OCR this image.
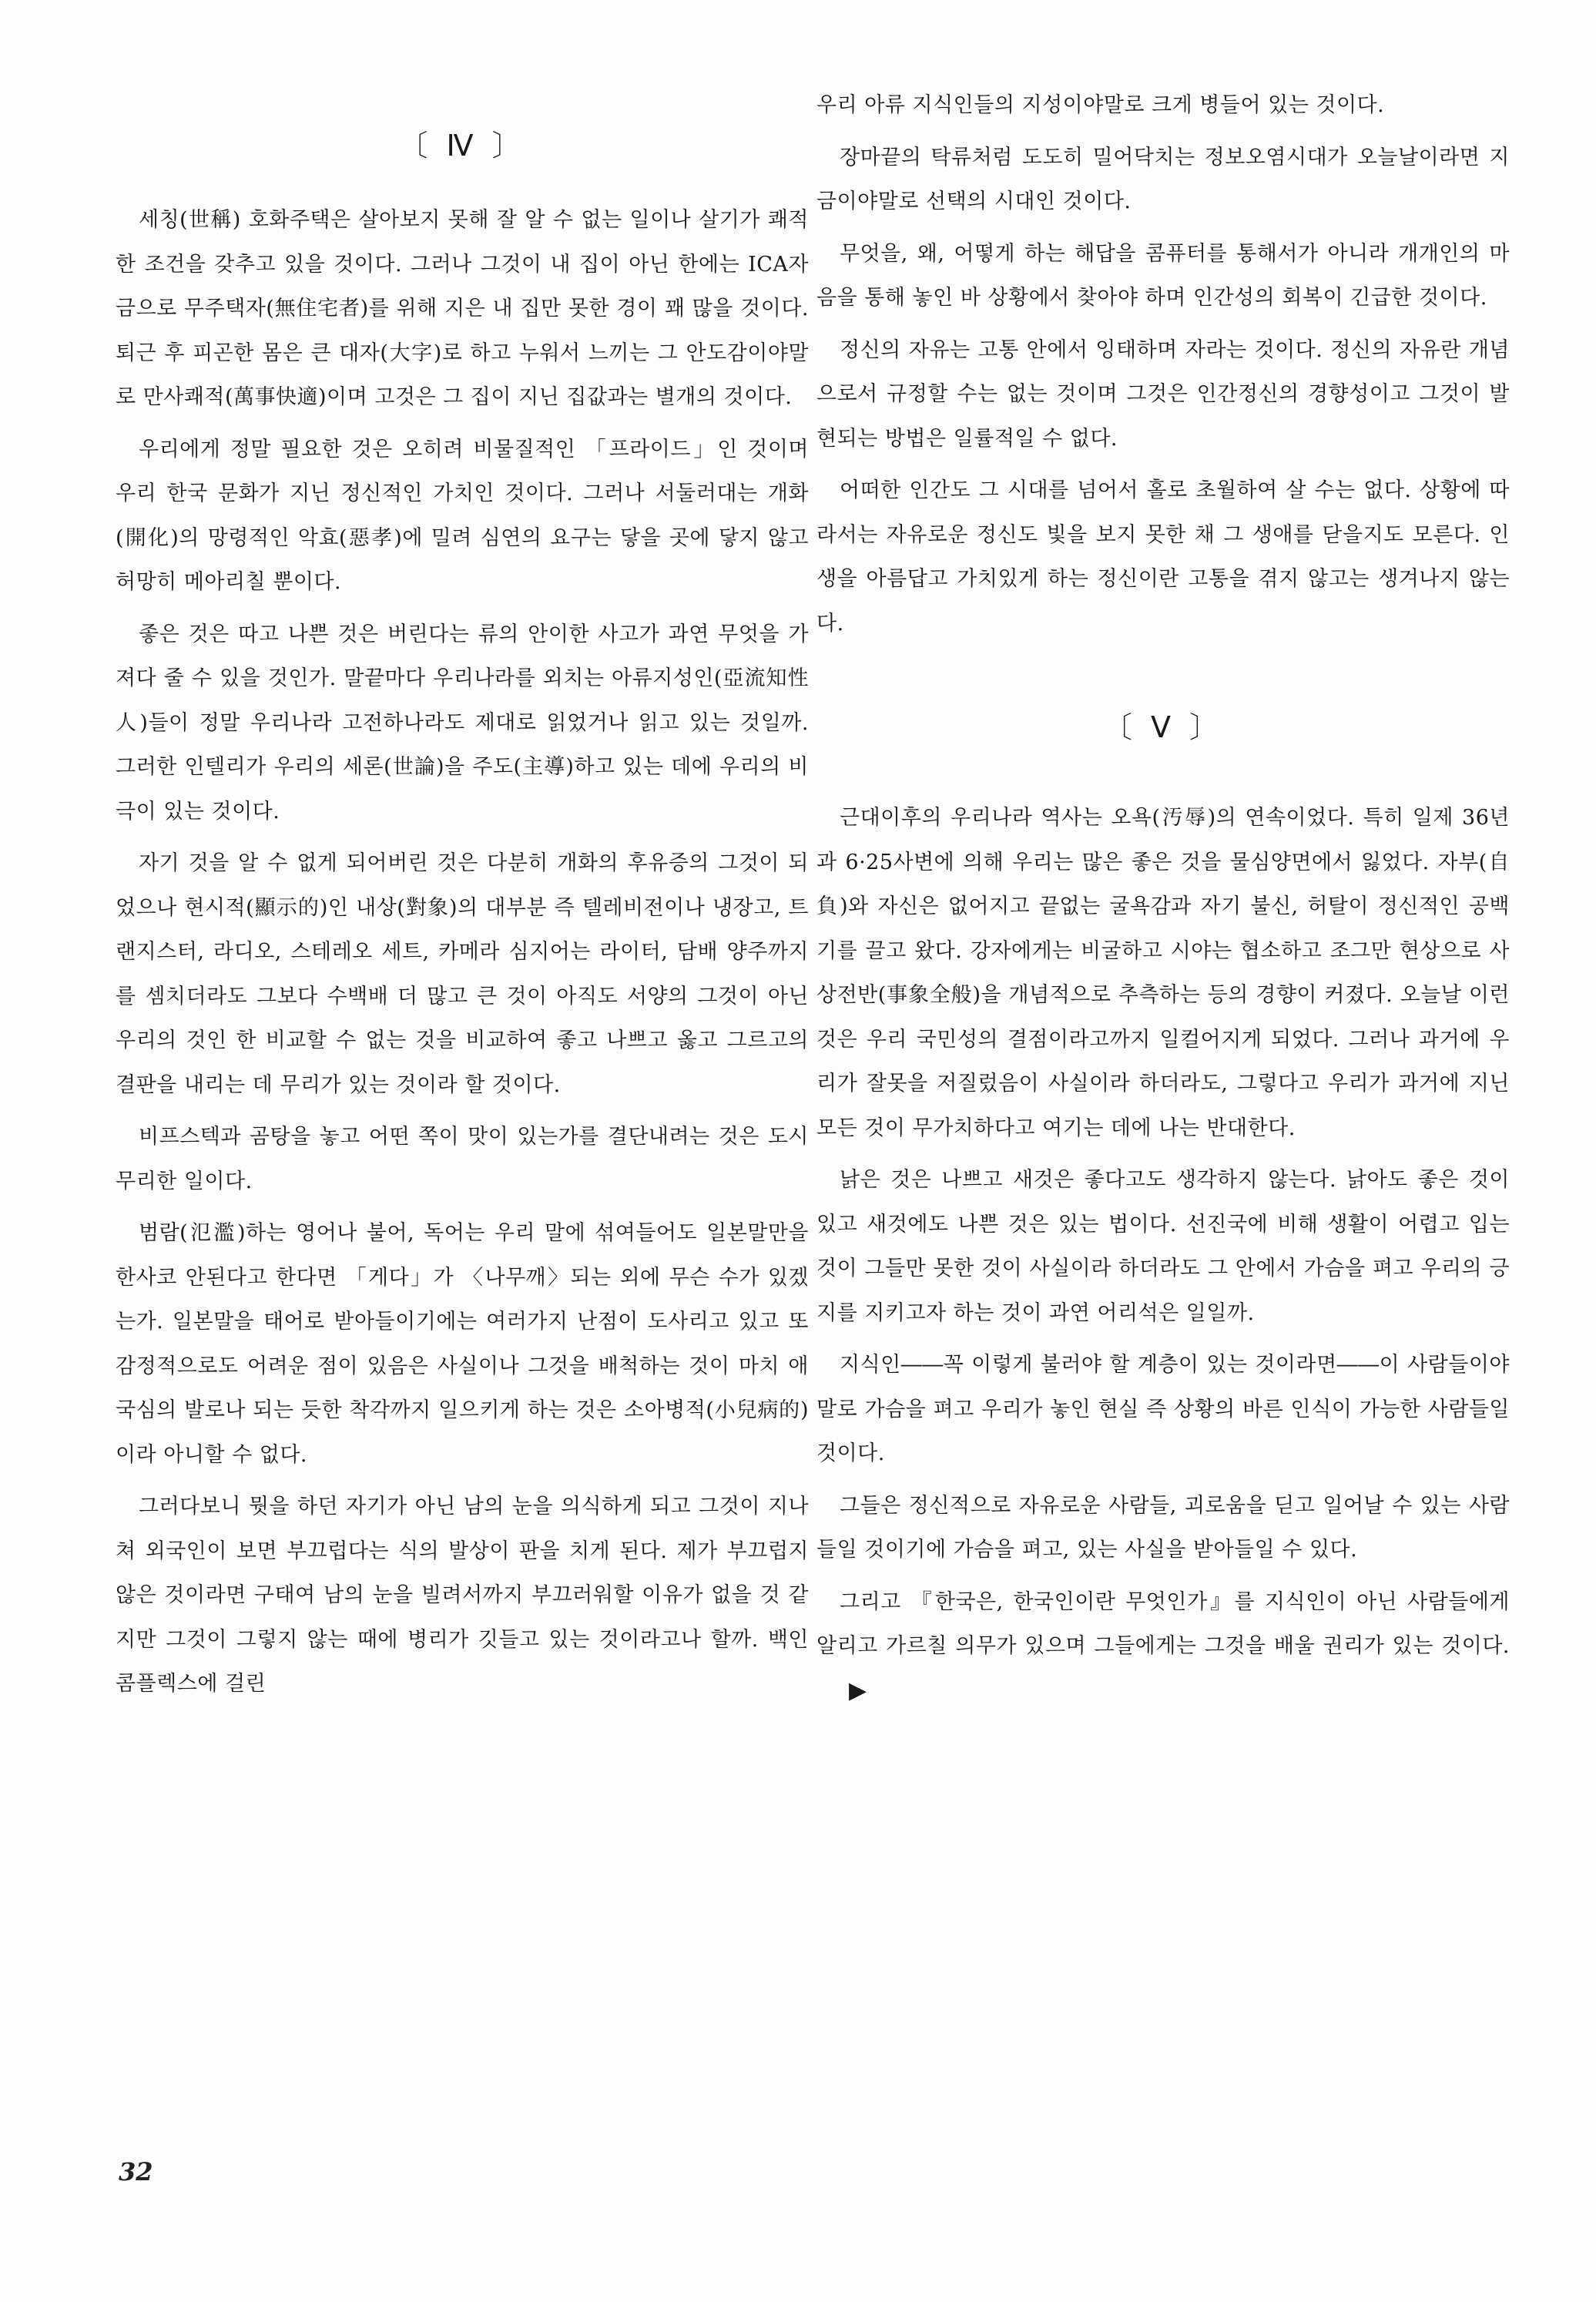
〔 Ⅳ 〕

세칭(世稱) 호화주택은 살아보지 못해 잘 알 수 없는 일이나 살기가 쾌적한 조건을 갖추고 있을 것이다. 그러나 그것이 내 집이 아닌 한에는 ICA자금으로 무주택자(無住宅者)를 위해 지은 내 집만 못한 경이 꽤 많을 것이다. 퇴근 후 피곤한 몸은 큰 대자(大字)로 하고 누워서 느끼는 그 안도감이야말로 만사쾌적(萬事快適)이며 고것은 그 집이 지닌 집값과는 별개의 것이다.

우리에게 정말 필요한 것은 오히려 비물질적인 「프라이드」인 것이며 우리 한국 문화가 지닌 정신적인 가치인 것이다. 그러나 서둘러대는 개화(開化)의 망령적인 악효(惡孝)에 밀려 심연의 요구는 닿을 곳에 닿지 않고 허망히 메아리칠 뿐이다.

좋은 것은 따고 나쁜 것은 버린다는 류의 안이한 사고가 과연 무엇을 가져다 줄 수 있을 것인가. 말끝마다 우리나라를 외치는 아류지성인(亞流知性人)들이 정말 우리나라 고전하나라도 제대로 읽었거나 읽고 있는 것일까. 그러한 인텔리가 우리의 세론(世論)을 주도(主導)하고 있는 데에 우리의 비극이 있는 것이다.

자기 것을 알 수 없게 되어버린 것은 다분히 개화의 후유증의 그것이 되었으나 현시적(顯示的)인 내상(對象)의 대부분 즉 텔레비전이나 냉장고, 트랜지스터, 라디오, 스테레오 세트, 카메라 심지어는 라이터, 담배 양주까지를 셈치더라도 그보다 수백배 더 많고 큰 것이 아직도 서양의 그것이 아닌 우리의 것인 한 비교할 수 없는 것을 비교하여 좋고 나쁘고 옳고 그르고의 결판을 내리는 데 무리가 있는 것이라 할 것이다.

비프스텍과 곰탕을 놓고 어떤 쪽이 맛이 있는가를 결단내려는 것은 도시 무리한 일이다.

범람(氾濫)하는 영어나 불어, 독어는 우리 말에 섞여들어도 일본말만을 한사코 안된다고 한다면 「게다」가 〈나무깨〉되는 외에 무슨 수가 있겠는가. 일본말을 태어로 받아들이기에는 여러가지 난점이 도사리고 있고 또 감정적으로도 어려운 점이 있음은 사실이나 그것을 배척하는 것이 마치 애국심의 발로나 되는 듯한 착각까지 일으키게 하는 것은 소아병적(小兒病的)이라 아니할 수 없다.

그러다보니 뭣을 하던 자기가 아닌 남의 눈을 의식하게 되고 그것이 지나쳐 외국인이 보면 부끄럽다는 식의 발상이 판을 치게 된다. 제가 부끄럽지 않은 것이라면 구태여 남의 눈을 빌려서까지 부끄러워할 이유가 없을 것 같지만 그것이 그렇지 않는 때에 병리가 깃들고 있는 것이라고나 할까. 백인 콤플렉스에 걸린

우리 아류 지식인들의 지성이야말로 크게 병들어 있는 것이다.

장마끝의 탁류처럼 도도히 밀어닥치는 정보오염시대가 오늘날이라면 지금이야말로 선택의 시대인 것이다.

무엇을, 왜, 어떻게 하는 해답을 콤퓨터를 통해서가 아니라 개개인의 마음을 통해 놓인 바 상황에서 찾아야 하며 인간성의 회복이 긴급한 것이다.

정신의 자유는 고통 안에서 잉태하며 자라는 것이다. 정신의 자유란 개념으로서 규정할 수는 없는 것이며 그것은 인간정신의 경향성이고 그것이 발현되는 방법은 일률적일 수 없다.

어떠한 인간도 그 시대를 넘어서 홀로 초월하여 살 수는 없다. 상황에 따라서는 자유로운 정신도 빛을 보지 못한 채 그 생애를 닫을지도 모른다. 인생을 아름답고 가치있게 하는 정신이란 고통을 겪지 않고는 생겨나지 않는다.

〔 Ⅴ 〕

근대이후의 우리나라 역사는 오욕(汚辱)의 연속이었다. 특히 일제 36년과 6·25사변에 의해 우리는 많은 좋은 것을 물심양면에서 잃었다. 자부(自負)와 자신은 없어지고 끝없는 굴욕감과 자기 불신, 허탈이 정신적인 공백기를 끌고 왔다. 강자에게는 비굴하고 시야는 협소하고 조그만 현상으로 사상전반(事象全般)을 개념적으로 추측하는 등의 경향이 커졌다. 오늘날 이런 것은 우리 국민성의 결점이라고까지 일컬어지게 되었다. 그러나 과거에 우리가 잘못을 저질렀음이 사실이라 하더라도, 그렇다고 우리가 과거에 지닌 모든 것이 무가치하다고 여기는 데에 나는 반대한다.

낡은 것은 나쁘고 새것은 좋다고도 생각하지 않는다. 낡아도 좋은 것이 있고 새것에도 나쁜 것은 있는 법이다. 선진국에 비해 생활이 어렵고 입는 것이 그들만 못한 것이 사실이라 하더라도 그 안에서 가슴을 펴고 우리의 긍지를 지키고자 하는 것이 과연 어리석은 일일까.

지식인――꼭 이렇게 불러야 할 계층이 있는 것이라면――이 사람들이야말로 가슴을 펴고 우리가 놓인 현실 즉 상황의 바른 인식이 가능한 사람들일 것이다.

그들은 정신적으로 자유로운 사람들, 괴로움을 딛고 일어날 수 있는 사람들일 것이기에 가슴을 펴고, 있는 사실을 받아들일 수 있다.

그리고 『한국은, 한국인이란 무엇인가』를 지식인이 아닌 사람들에게 알리고 가르칠 의무가 있으며 그들에게는 그것을 배울 권리가 있는 것이다.▶

32
